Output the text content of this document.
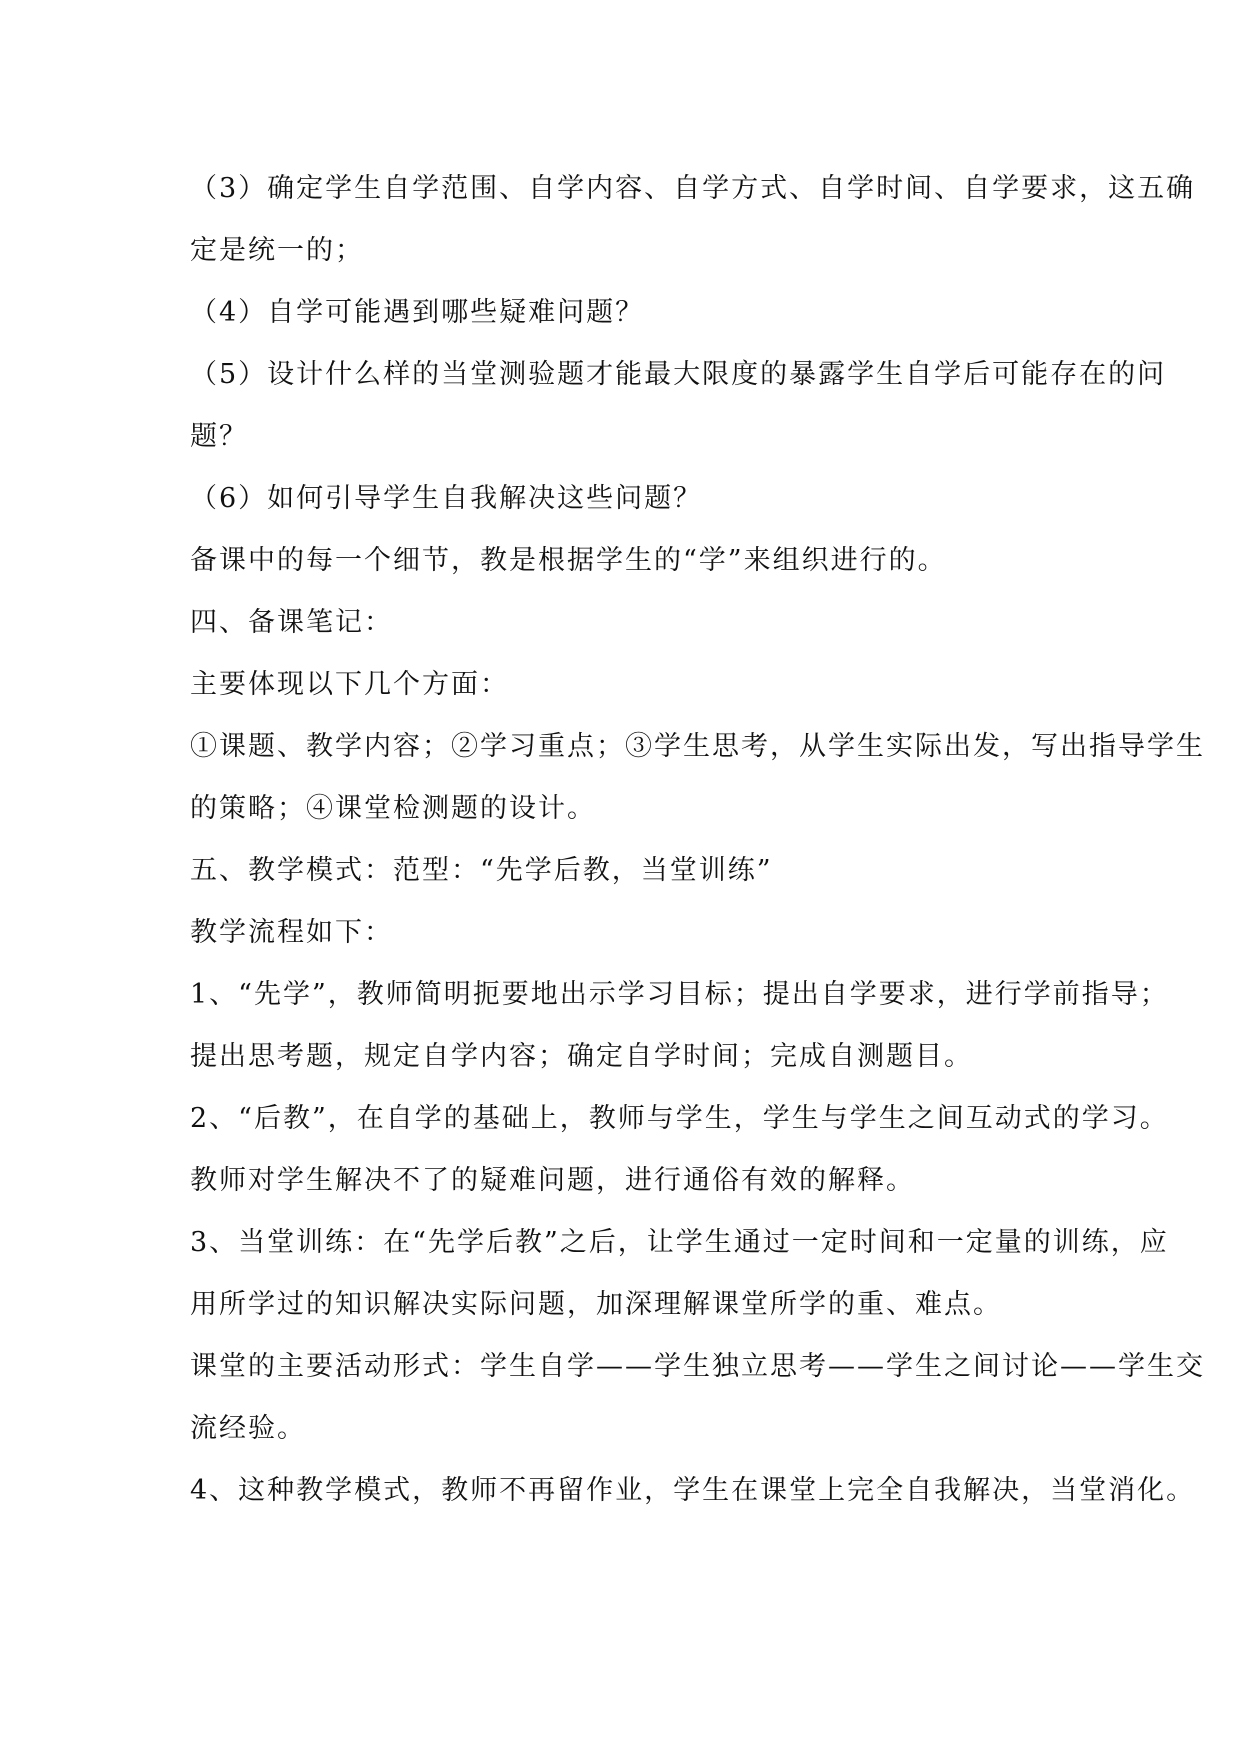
（3）确定学生自学范围、自学内容、自学方式、自学时间、自学要求，这五确

定是统一的；

（4）自学可能遇到哪些疑难问题？

（5）设计什么样的当堂测验题才能最大限度的暴露学生自学后可能存在的问

题？

（6）如何引导学生自我解决这些问题？

备课中的每一个细节，教是根据学生的“学”来组织进行的。

四、备课笔记：

主要体现以下几个方面：

①课题、教学内容；②学习重点；③学生思考，从学生实际出发，写出指导学生

的策略；④课堂检测题的设计。

五、教学模式：范型：“先学后教，当堂训练”

教学流程如下：

1、“先学”，教师简明扼要地出示学习目标；提出自学要求，进行学前指导；

提出思考题，规定自学内容；确定自学时间；完成自测题目。

2、“后教”，在自学的基础上，教师与学生，学生与学生之间互动式的学习。

教师对学生解决不了的疑难问题，进行通俗有效的解释。

3、当堂训练：在“先学后教”之后，让学生通过一定时间和一定量的训练，应

用所学过的知识解决实际问题，加深理解课堂所学的重、难点。

课堂的主要活动形式：学生自学——学生独立思考——学生之间讨论——学生交

流经验。

4、这种教学模式，教师不再留作业，学生在课堂上完全自我解决，当堂消化。
